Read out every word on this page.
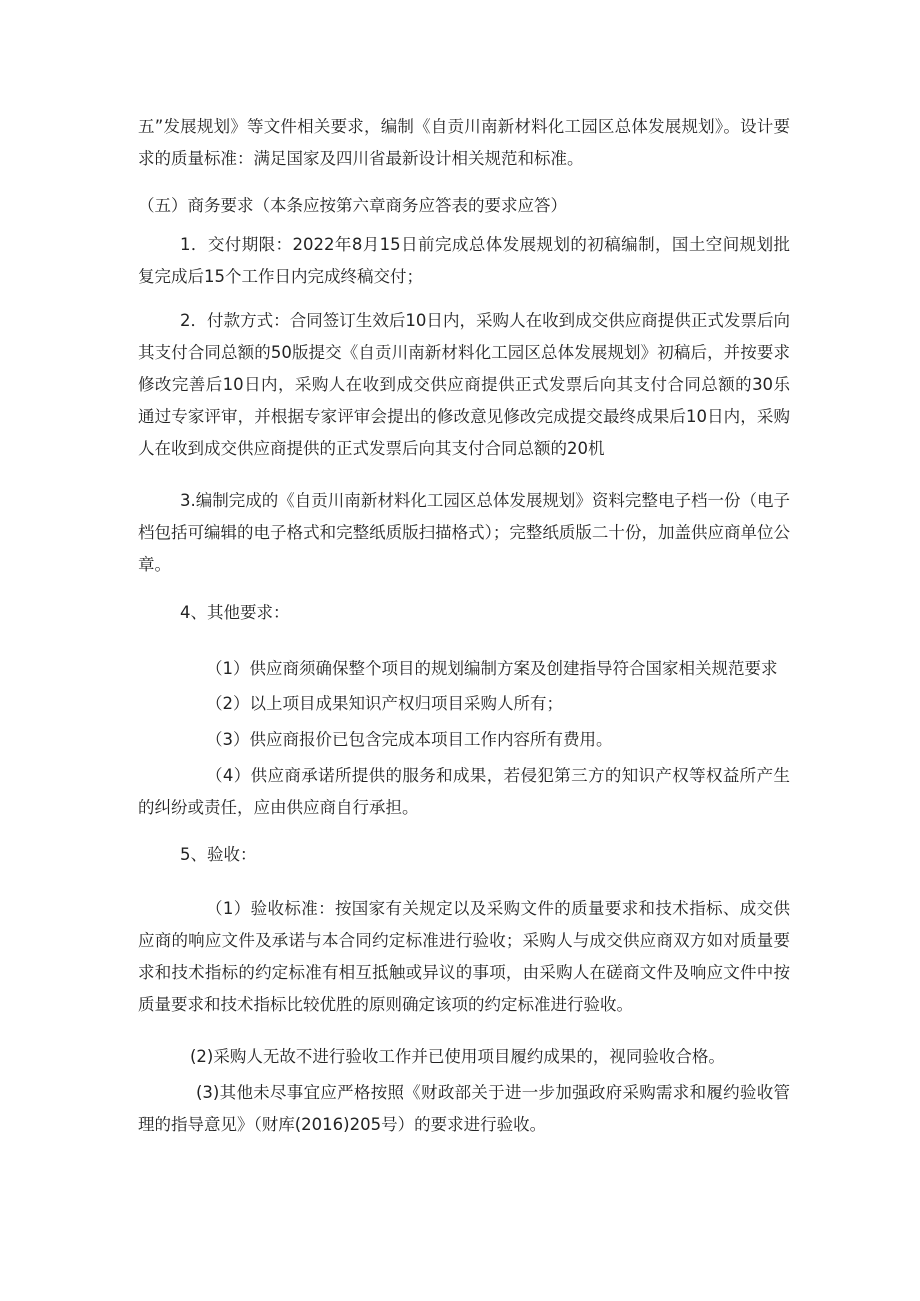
五”发展规划》等文件相关要求，编制《自贡川南新材料化工园区总体发展规划》。设计要求的质量标准：满足国家及四川省最新设计相关规范和标准。

（五）商务要求（本条应按第六章商务应答表的要求应答）

1．交付期限：2022年8月15日前完成总体发展规划的初稿编制，国土空间规划批复完成后15个工作日内完成终稿交付；

2．付款方式：合同签订生效后10日内，采购人在收到成交供应商提供正式发票后向其支付合同总额的50版提交《自贡川南新材料化工园区总体发展规划》初稿后，并按要求修改完善后10日内，采购人在收到成交供应商提供正式发票后向其支付合同总额的30乐通过专家评审，并根据专家评审会提出的修改意见修改完成提交最终成果后10日内，采购人在收到成交供应商提供的正式发票后向其支付合同总额的20机

3.编制完成的《自贡川南新材料化工园区总体发展规划》资料完整电子档一份（电子档包括可编辑的电子格式和完整纸质版扫描格式）；完整纸质版二十份，加盖供应商单位公章。

4、其他要求：

（1）供应商须确保整个项目的规划编制方案及创建指导符合国家相关规范要求

（2）以上项目成果知识产权归项目采购人所有；

（3）供应商报价已包含完成本项目工作内容所有费用。

（4）供应商承诺所提供的服务和成果，若侵犯第三方的知识产权等权益所产生的纠纷或责任，应由供应商自行承担。

5、验收：

（1）验收标准：按国家有关规定以及采购文件的质量要求和技术指标、成交供应商的响应文件及承诺与本合同约定标准进行验收；采购人与成交供应商双方如对质量要求和技术指标的约定标准有相互抵触或异议的事项，由采购人在磋商文件及响应文件中按质量要求和技术指标比较优胜的原则确定该项的约定标准进行验收。

(2)采购人无故不进行验收工作并已使用项目履约成果的，视同验收合格。

(3)其他未尽事宜应严格按照《财政部关于进一步加强政府采购需求和履约验收管理的指导意见》（财库(2016)205号）的要求进行验收。
